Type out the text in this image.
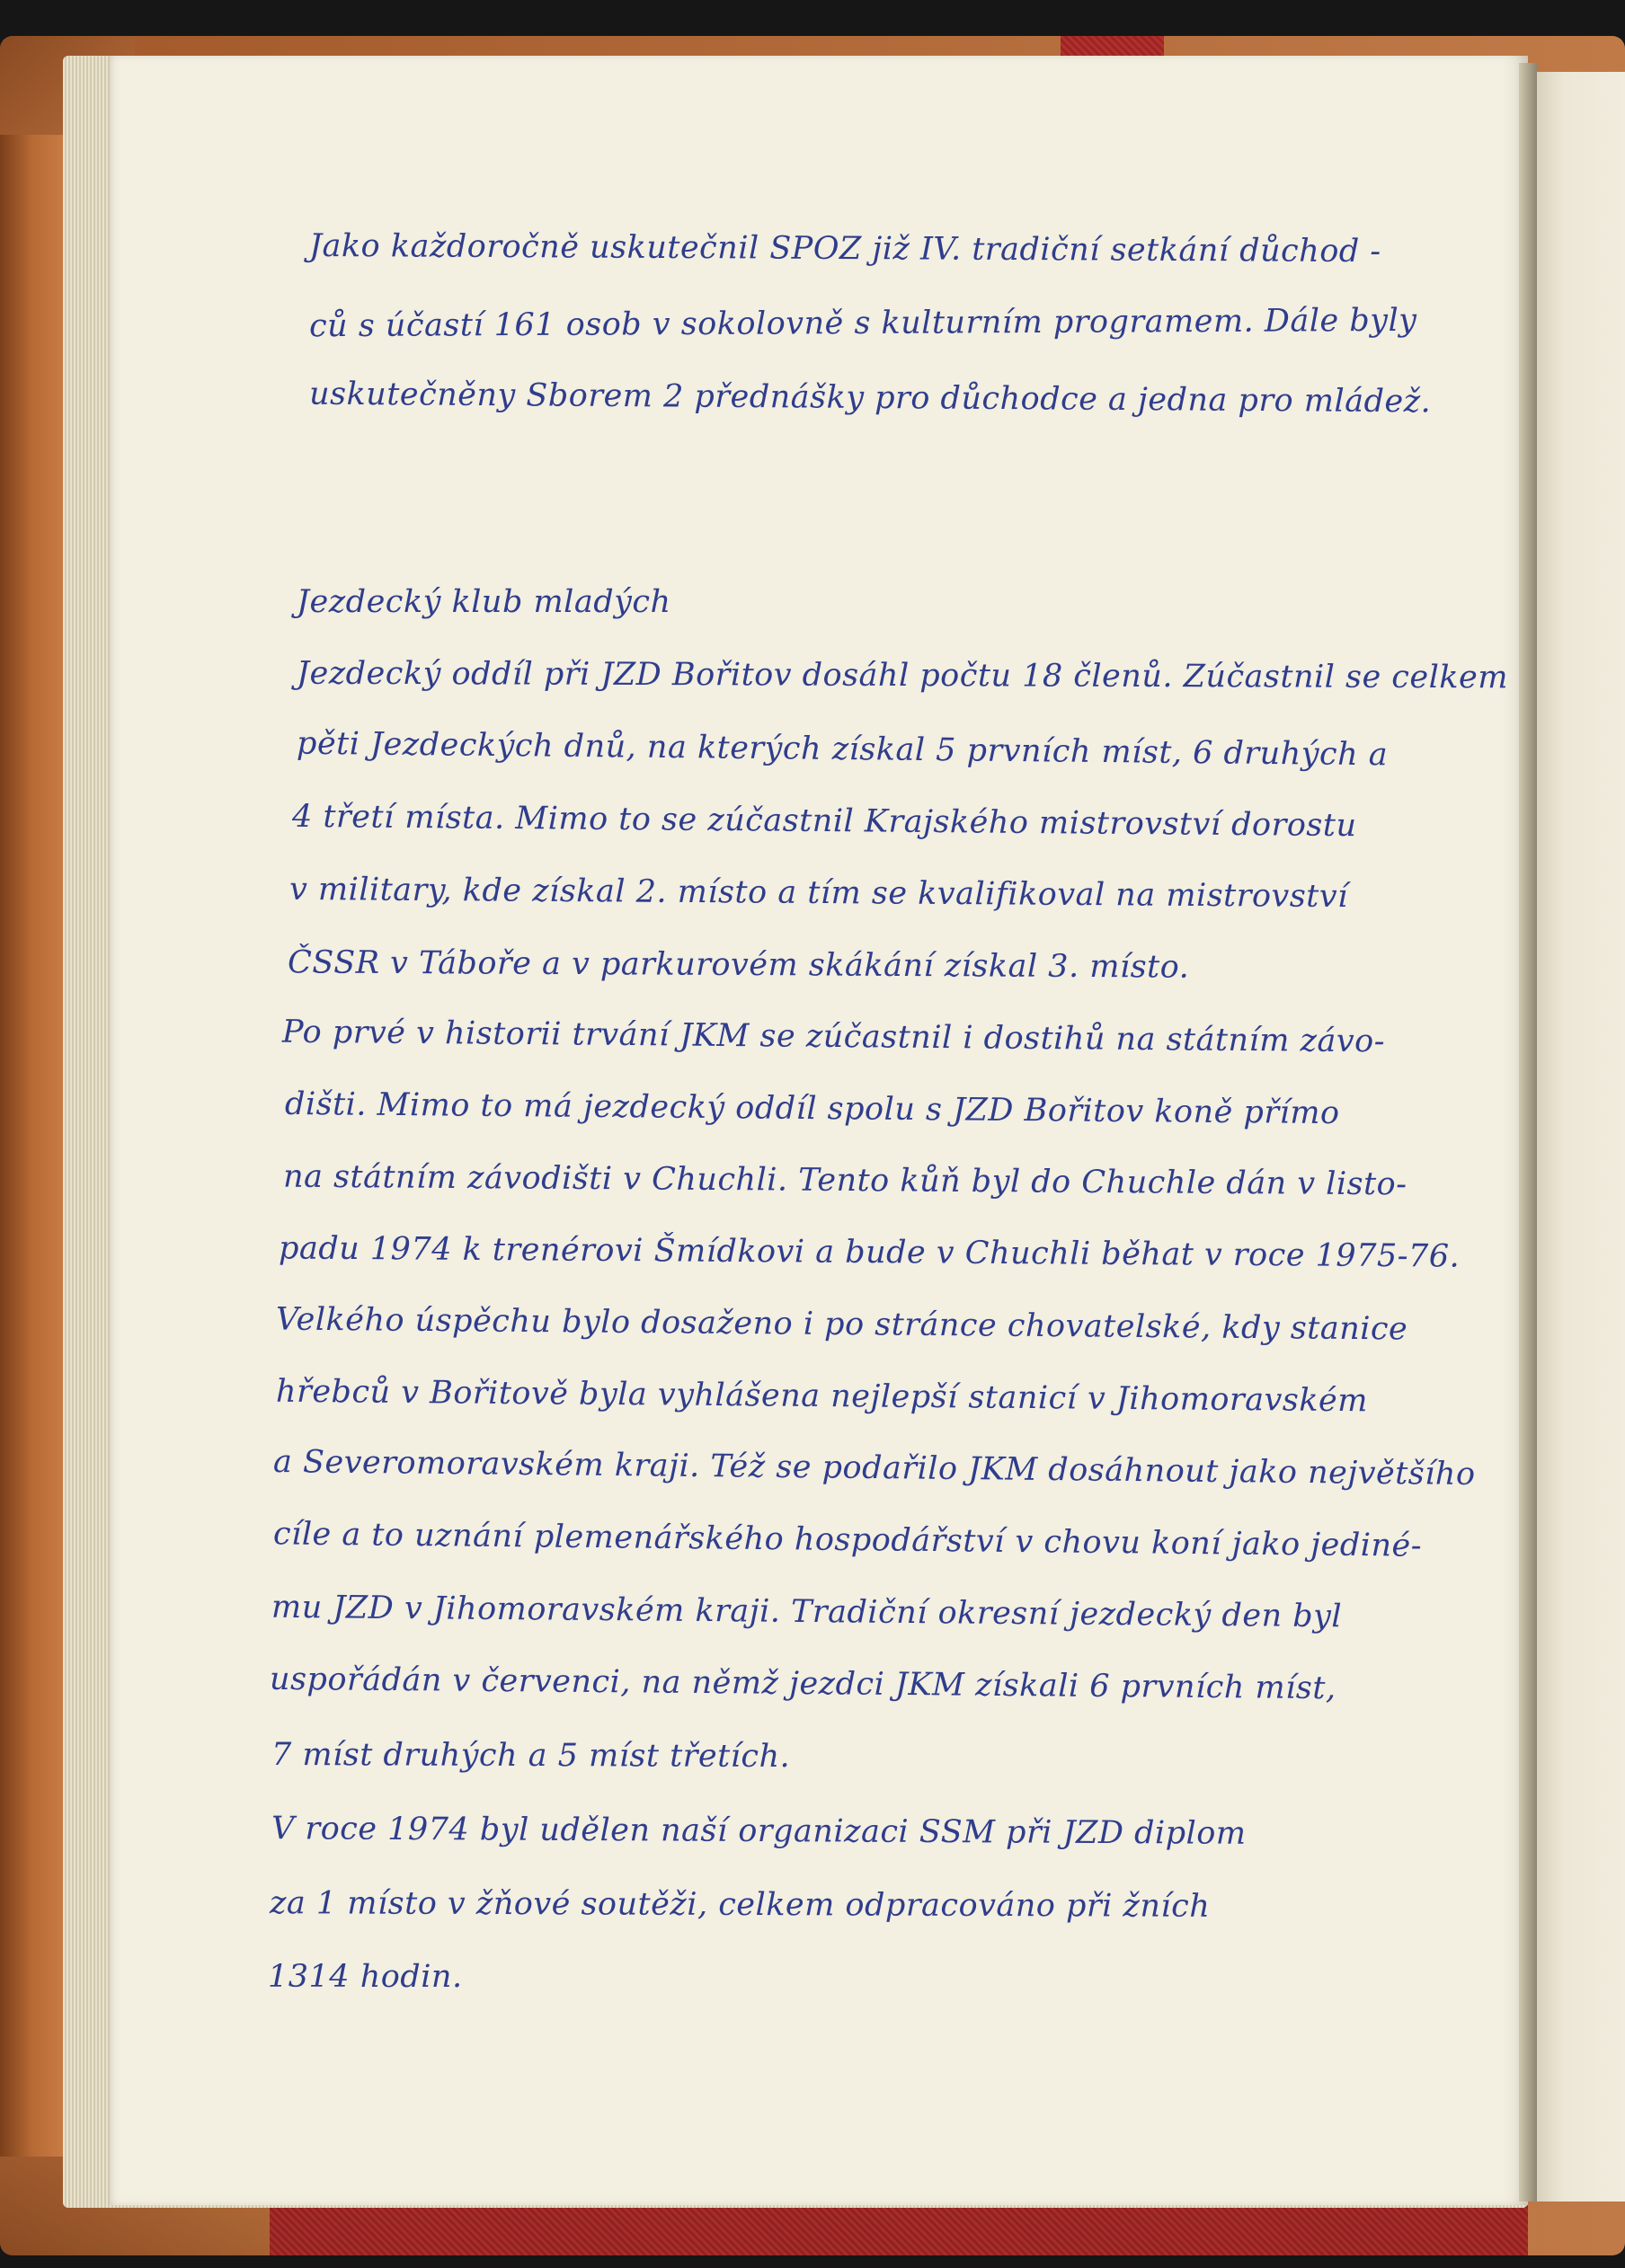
Jako každoročně uskutečnil SPOZ již IV. tradiční setkání důchod -

ců s účastí 161 osob v sokolovně s kulturním programem. Dále byly

uskutečněny Sborem 2 přednášky pro důchodce a jedna pro mládež.

Jezdecký klub mladých

Jezdecký oddíl při JZD Bořitov dosáhl počtu 18 členů. Zúčastnil se celkem

pěti Jezdeckých dnů, na kterých získal 5 prvních míst, 6 druhých a

4 třetí místa. Mimo to se zúčastnil Krajského mistrovství dorostu

v military, kde získal 2. místo a tím se kvalifikoval na mistrovství

ČSSR v Táboře a v parkurovém skákání získal 3. místo.

Po prvé v historii trvání JKM se zúčastnil i dostihů na státním závo-

dišti. Mimo to má jezdecký oddíl spolu s JZD Bořitov koně přímo

na státním závodišti v Chuchli. Tento kůň byl do Chuchle dán v listo-

padu 1974 k trenérovi Šmídkovi a bude v Chuchli běhat v roce 1975-76.

Velkého úspěchu bylo dosaženo i po stránce chovatelské, kdy stanice

hřebců v Bořitově byla vyhlášena nejlepší stanicí v Jihomoravském

a Severomoravském kraji. Též se podařilo JKM dosáhnout jako největšího

cíle a to uznání plemenářského hospodářství v chovu koní jako jediné-

mu JZD v Jihomoravském kraji. Tradiční okresní jezdecký den byl

uspořádán v červenci, na němž jezdci JKM získali 6 prvních míst,

7 míst druhých a 5 míst třetích.

V roce 1974 byl udělen naší organizaci SSM při JZD diplom

za 1 místo v žňové soutěži, celkem odpracováno při žních

1314 hodin.
